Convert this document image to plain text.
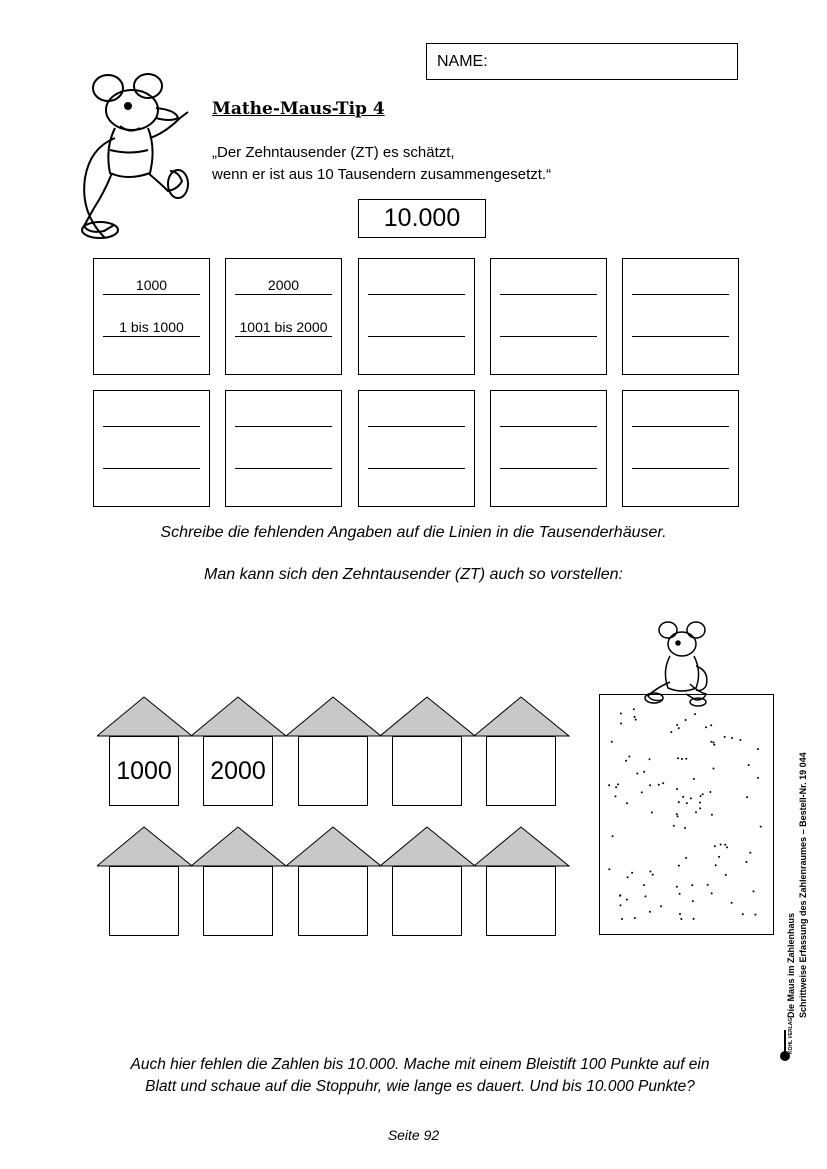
NAME:
Mathe-Maus-Tip 4
„Der Zehntausender (ZT) es schätzt,
wenn er ist aus 10 Tausendern zusammengesetzt.“
10.000
1000
1 bis 1000
2000
1001 bis 2000
Schreibe die fehlenden Angaben auf die Linien in die Tausenderhäuser.
Man kann sich den Zehntausender (ZT) auch so vorstellen:
1000 2000
Auch hier fehlen die Zahlen bis 10.000. Mache mit einem Bleistift 100 Punkte auf ein
Blatt und schaue auf die Stoppuhr, wie lange es dauert. Und bis 10.000 Punkte?
Seite 92
Die Maus im Zahlenhaus Schrittweise Erfassung des Zahlenraumes – Bestell-Nr. 19 044
KOHL VERLAG
